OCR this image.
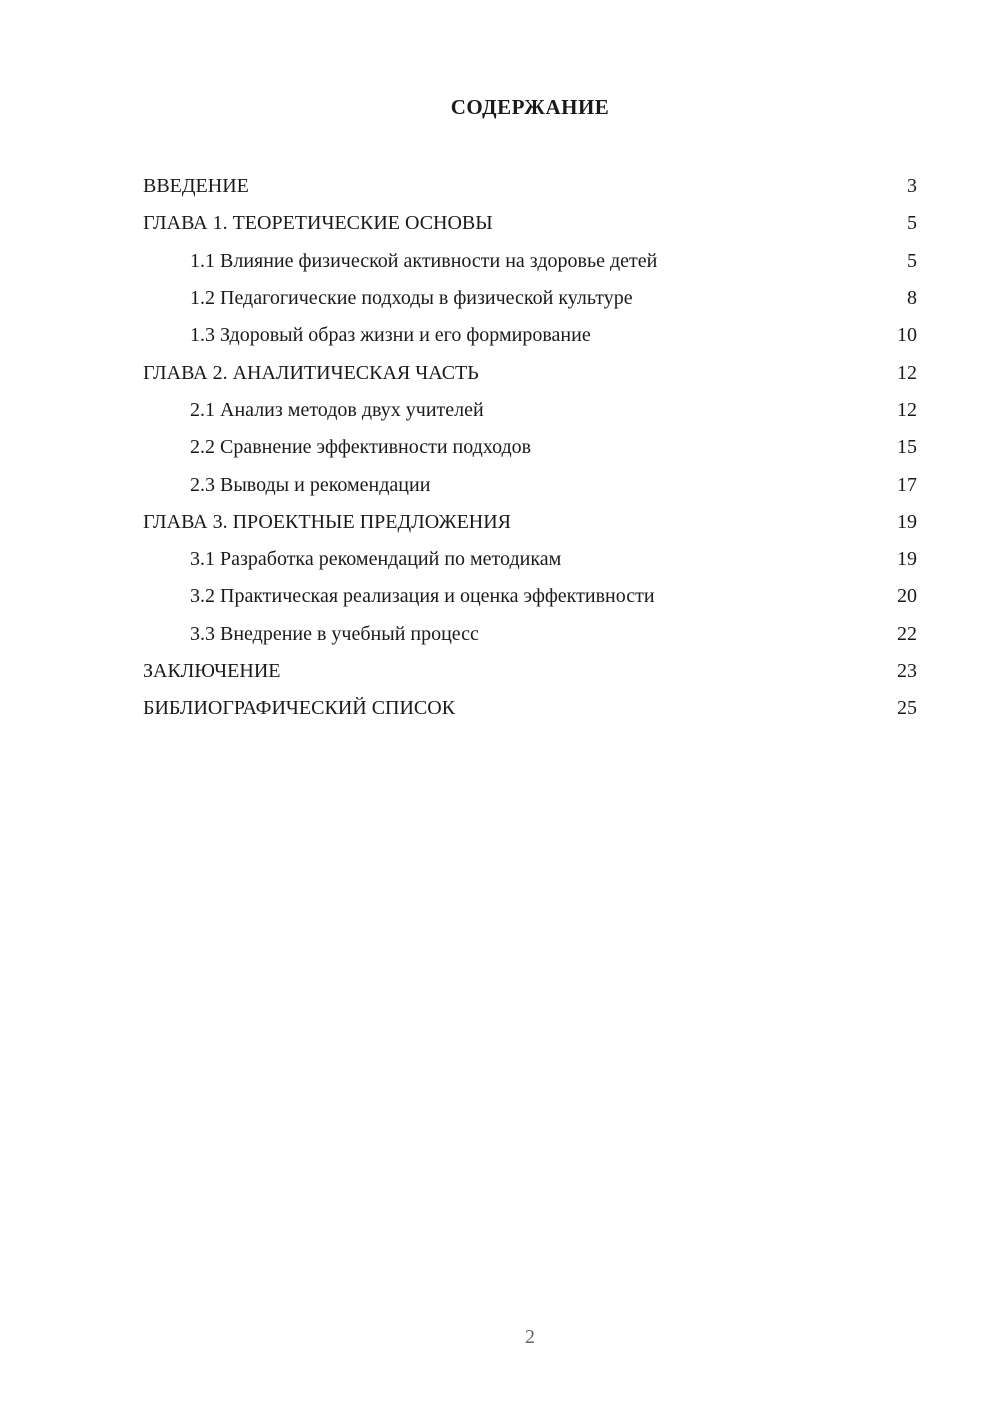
СОДЕРЖАНИЕ
ВВЕДЕНИЕ	3
ГЛАВА 1. ТЕОРЕТИЧЕСКИЕ ОСНОВЫ	5
1.1 Влияние физической активности на здоровье детей	5
1.2 Педагогические подходы в физической культуре	8
1.3 Здоровый образ жизни и его формирование	10
ГЛАВА 2. АНАЛИТИЧЕСКАЯ ЧАСТЬ	12
2.1 Анализ методов двух учителей	12
2.2 Сравнение эффективности подходов	15
2.3 Выводы и рекомендации	17
ГЛАВА 3. ПРОЕКТНЫЕ ПРЕДЛОЖЕНИЯ	19
3.1 Разработка рекомендаций по методикам	19
3.2 Практическая реализация и оценка эффективности	20
3.3 Внедрение в учебный процесс	22
ЗАКЛЮЧЕНИЕ	23
БИБЛИОГРАФИЧЕСКИЙ СПИСОК	25
2
